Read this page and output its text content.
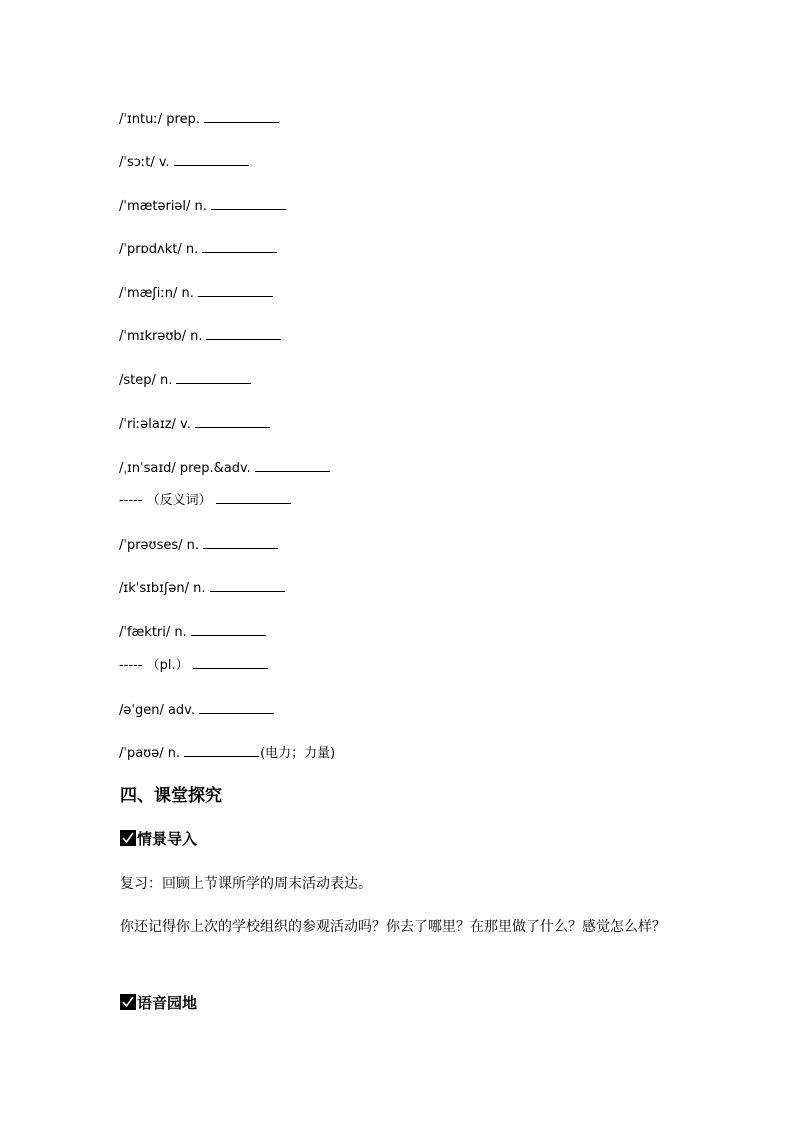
/ˈɪntuː/ prep.
/ˈsɔːt/ v.
/ˈmætəriəl/ n.
/ˈprɒdʌkt/ n.
/ˈmæʃiːn/ n.
/ˈmɪkrəʊb/ n.
/step/ n.
/ˈriːəlaɪz/ v.
/ˌɪnˈsaɪd/ prep.&adv.
----- （反义词）
/ˈprəʊses/ n.
/ɪkˈsɪbɪʃən/ n.
/ˈfæktri/ n.
----- （pl.）
/əˈgen/ adv.
/ˈpaʊə/ n.	(电力；力量)
四、课堂探究
情景导入
复习：回顾上节课所学的周末活动表达。
你还记得你上次的学校组织的参观活动吗？你去了哪里？在那里做了什么？感觉怎么样？
语音园地
